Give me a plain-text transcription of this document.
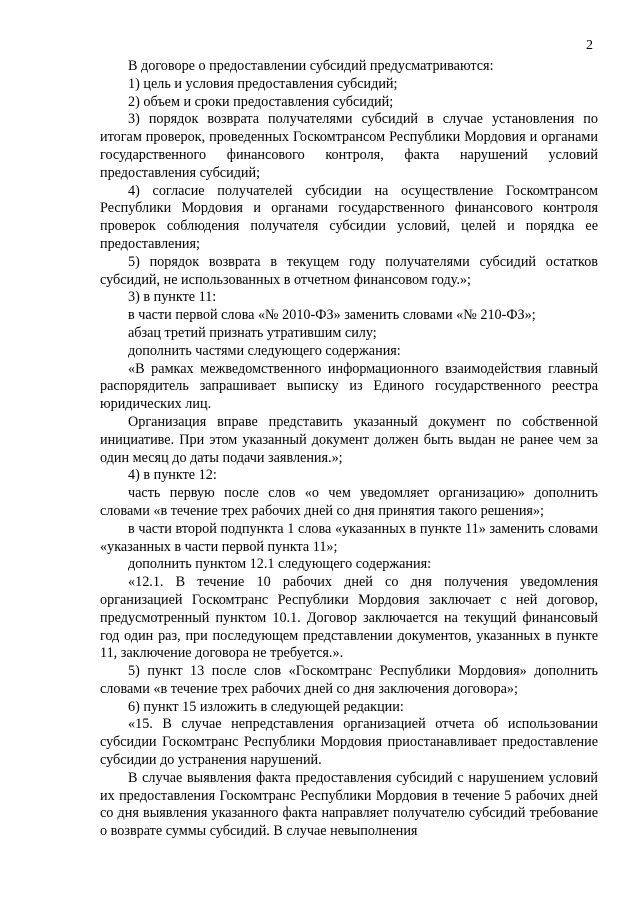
2

В договоре о предоставлении субсидий предусматриваются:

1) цель и условия предоставления субсидий;

2) объем и сроки предоставления субсидий;

3) порядок возврата получателями субсидий в случае установления по итогам проверок, проведенных Госкомтрансом Республики Мордовия и органами государственного финансового контроля, факта нарушений условий предоставления субсидий;

4) согласие получателей субсидии на осуществление Госкомтрансом Республики Мордовия и органами государственного финансового контроля проверок соблюдения получателя субсидии условий, целей и порядка ее предоставления;

5) порядок возврата в текущем году получателями субсидий остатков субсидий, не использованных в отчетном финансовом году.»;

3) в пункте 11:

в части первой слова «№ 2010-ФЗ» заменить словами «№ 210-ФЗ»;

абзац третий признать утратившим силу;

дополнить частями следующего содержания:

«В рамках межведомственного информационного взаимодействия главный распорядитель запрашивает выписку из Единого государственного реестра юридических лиц.

Организация вправе представить указанный документ по собственной инициативе. При этом указанный документ должен быть выдан не ранее чем за один месяц до даты подачи заявления.»;

4) в пункте 12:

часть первую после слов «о чем уведомляет организацию» дополнить словами «в течение трех рабочих дней со дня принятия такого решения»;

в части второй подпункта 1 слова «указанных в пункте 11» заменить словами «указанных в части первой пункта 11»;

дополнить пунктом 12.1 следующего содержания:

«12.1. В течение 10 рабочих дней со дня получения уведомления организацией Госкомтранс Республики Мордовия заключает с ней договор, предусмотренный пунктом 10.1. Договор заключается на текущий финансовый год один раз, при последующем представлении документов, указанных в пункте 11, заключение договора не требуется.».

5) пункт 13 после слов «Госкомтранс Республики Мордовия» дополнить словами «в течение трех рабочих дней со дня заключения договора»;

6) пункт 15 изложить в следующей редакции:

«15. В случае непредставления организацией отчета об использовании субсидии Госкомтранс Республики Мордовия приостанавливает предоставление субсидии до устранения нарушений.

В случае выявления факта предоставления субсидий с нарушением условий их предоставления Госкомтранс Республики Мордовия в течение 5 рабочих дней со дня выявления указанного факта направляет получателю субсидий требование о возврате суммы субсидий. В случае невыполнения
